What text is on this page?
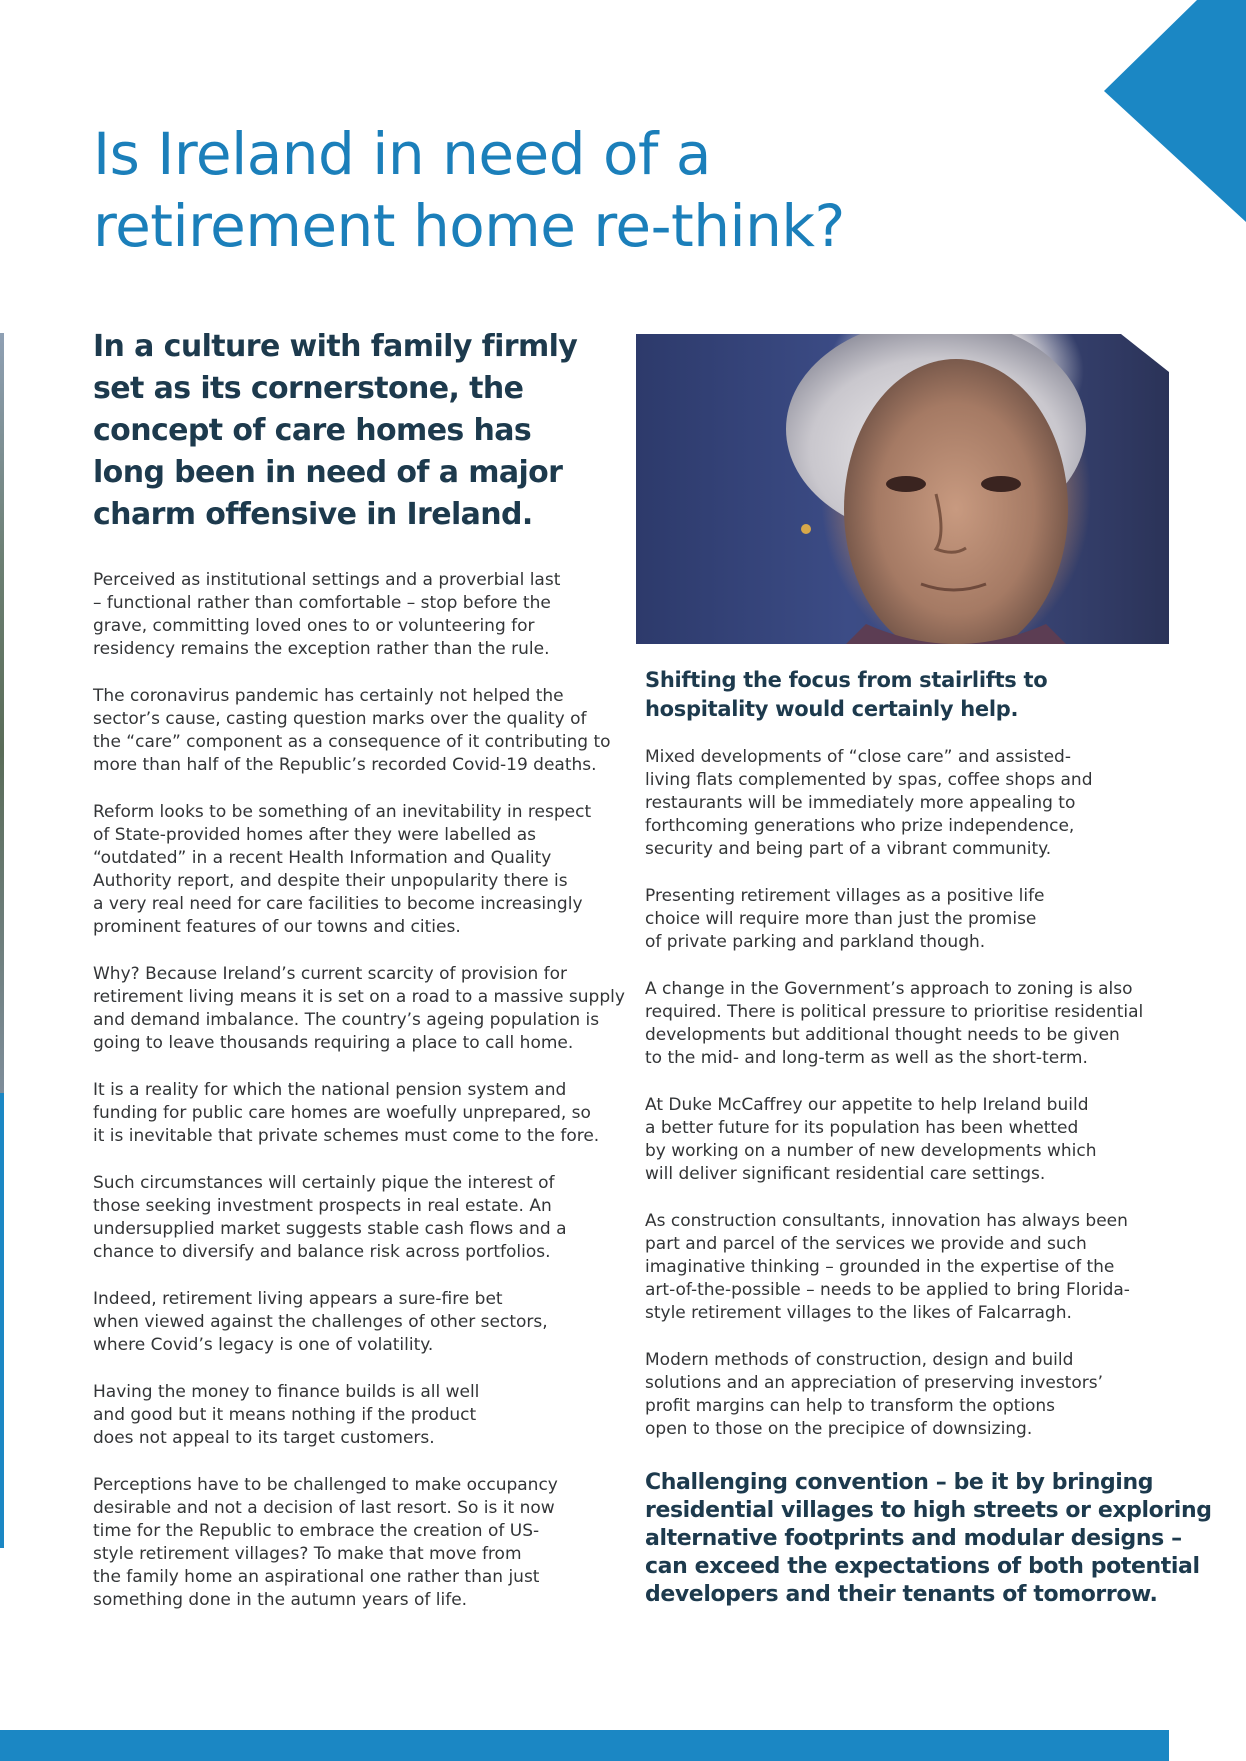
Is Ireland in need of a
retirement home re-think?
In a culture with family firmly
set as its cornerstone, the
concept of care homes has
long been in need of a major
charm offensive in Ireland.

Perceived as institutional settings and a proverbial last
– functional rather than comfortable – stop before the
grave, committing loved ones to or volunteering for
residency remains the exception rather than the rule.

The coronavirus pandemic has certainly not helped the
sector’s cause, casting question marks over the quality of
the “care” component as a consequence of it contributing to
more than half of the Republic’s recorded Covid-19 deaths.

Reform looks to be something of an inevitability in respect
of State-provided homes after they were labelled as
“outdated” in a recent Health Information and Quality
Authority report, and despite their unpopularity there is
a very real need for care facilities to become increasingly
prominent features of our towns and cities.

Why? Because Ireland’s current scarcity of provision for
retirement living means it is set on a road to a massive supply
and demand imbalance. The country’s ageing population is
going to leave thousands requiring a place to call home.

It is a reality for which the national pension system and
funding for public care homes are woefully unprepared, so
it is inevitable that private schemes must come to the fore.

Such circumstances will certainly pique the interest of
those seeking investment prospects in real estate. An
undersupplied market suggests stable cash flows and a
chance to diversify and balance risk across portfolios.

Indeed, retirement living appears a sure-fire bet
when viewed against the challenges of other sectors,
where Covid’s legacy is one of volatility.

Having the money to finance builds is all well
and good but it means nothing if the product
does not appeal to its target customers.

Perceptions have to be challenged to make occupancy
desirable and not a decision of last resort. So is it now
time for the Republic to embrace the creation of US-
style retirement villages? To make that move from
the family home an aspirational one rather than just
something done in the autumn years of life.

Shifting the focus from stairlifts to
hospitality would certainly help.

Mixed developments of “close care” and assisted-
living flats complemented by spas, coffee shops and
restaurants will be immediately more appealing to
forthcoming generations who prize independence,
security and being part of a vibrant community.

Presenting retirement villages as a positive life
choice will require more than just the promise
of private parking and parkland though.

A change in the Government’s approach to zoning is also
required. There is political pressure to prioritise residential
developments but additional thought needs to be given
to the mid- and long-term as well as the short-term.

At Duke McCaffrey our appetite to help Ireland build
a better future for its population has been whetted
by working on a number of new developments which
will deliver significant residential care settings.

As construction consultants, innovation has always been
part and parcel of the services we provide and such
imaginative thinking – grounded in the expertise of the
art-of-the-possible – needs to be applied to bring Florida-
style retirement villages to the likes of Falcarragh.

Modern methods of construction, design and build
solutions and an appreciation of preserving investors’
profit margins can help to transform the options
open to those on the precipice of downsizing.

Challenging convention – be it by bringing
residential villages to high streets or exploring
alternative footprints and modular designs –
can exceed the expectations of both potential
developers and their tenants of tomorrow.
